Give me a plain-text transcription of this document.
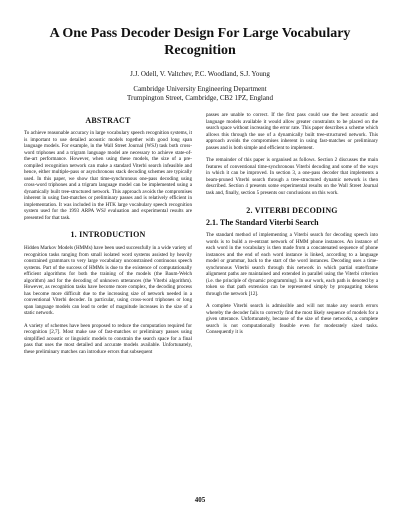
A One Pass Decoder Design For Large Vocabulary Recognition
J.J. Odell, V. Valtchev, P.C. Woodland, S.J. Young
Cambridge University Engineering Department
Trumpington Street, Cambridge, CB2 1PZ, England
ABSTRACT

To achieve reasonable accuracy in large vocabulary speech recognition systems, it is important to use detailed acoustic models together with good long span language models. For example, in the Wall Street Journal (WSJ) task both cross-word triphones and a trigram language model are necessary to achieve state-of-the-art performance. However, when using these models, the size of a pre-compiled recognition network can make a standard Viterbi search infeasible and hence, either multiple-pass or asynchronous stack decoding schemes are typically used. In this paper, we show that time-synchronous one-pass decoding using cross-word triphones and a trigram language model can be implemented using a dynamically built tree-structured network. This approach avoids the compromises inherent in using fast-matches or preliminary passes and is relatively efficient in implementation. It was included in the HTK large vocabulary speech recognition system used for the 1993 ARPA WSJ evaluation and experimental results are presented for that task.

1. INTRODUCTION

Hidden Markov Models (HMMs) have been used successfully in a wide variety of recognition tasks ranging from small isolated word systems assisted by heavily constrained grammars to very large vocabulary unconstrained continuous speech systems. Part of the success of HMMs is due to the existence of computationally efficient algorithms for both the training of the models (the Baum-Welch algorithm) and for the decoding of unknown utterances (the Viterbi algorithm). However, as recognition tasks have become more complex, the decoding process has become more difficult due to the increasing size of network needed in a conventional Viterbi decoder. In particular, using cross-word triphones or long span language models can lead to order of magnitude increases in the size of a static network.

A variety of schemes have been proposed to reduce the computation required for recognition [2,7]. Most make use of fast-matches or preliminary passes using simplified acoustic or linguistic models to constrain the search space for a final pass that uses the most detailed and accurate models available. Unfortunately, these preliminary matches can introduce errors that subsequent

passes are unable to correct. If the first pass could use the best acoustic and language models available it would allow greater constraints to be placed on the search space without increasing the error rate. This paper describes a scheme which allows this through the use of a dynamically built tree-structured network. This approach avoids the compromises inherent in using fast-matches or preliminary passes and is both simple and efficient to implement.

The remainder of this paper is organised as follows. Section 2 discusses the main features of conventional time-synchronous Viterbi decoding and some of the ways in which it can be improved. In section 3, a one-pass decoder that implements a beam-pruned Viterbi search through a tree-structured dynamic network is then described. Section 4 presents some experimental results on the Wall Street Journal task and, finally, section 5 presents our conclusions on this work.

2. VITERBI DECODING
2.1. The Standard Viterbi Search

The standard method of implementing a Viterbi search for decoding speech into words is to build a re-entrant network of HMM phone instances. An instance of each word in the vocabulary is then made from a concatenated sequence of phone instances and the end of each word instance is linked, according to a language model or grammar, back to the start of the word instances. Decoding uses a time-synchronous Viterbi search through this network in which partial state/frame alignment paths are maintained and extended in parallel using the Viterbi criterion (i.e. the principle of dynamic programming). In our work, each path is denoted by a token so that path extension can be represented simply by propagating tokens through the network [12].

A complete Viterbi search is admissible and will not make any search errors whereby the decoder fails to correctly find the most likely sequence of models for a given utterance. Unfortunately, because of the size of these networks, a complete search is not computationally feasible even for moderately sized tasks. Consequently it is

405
